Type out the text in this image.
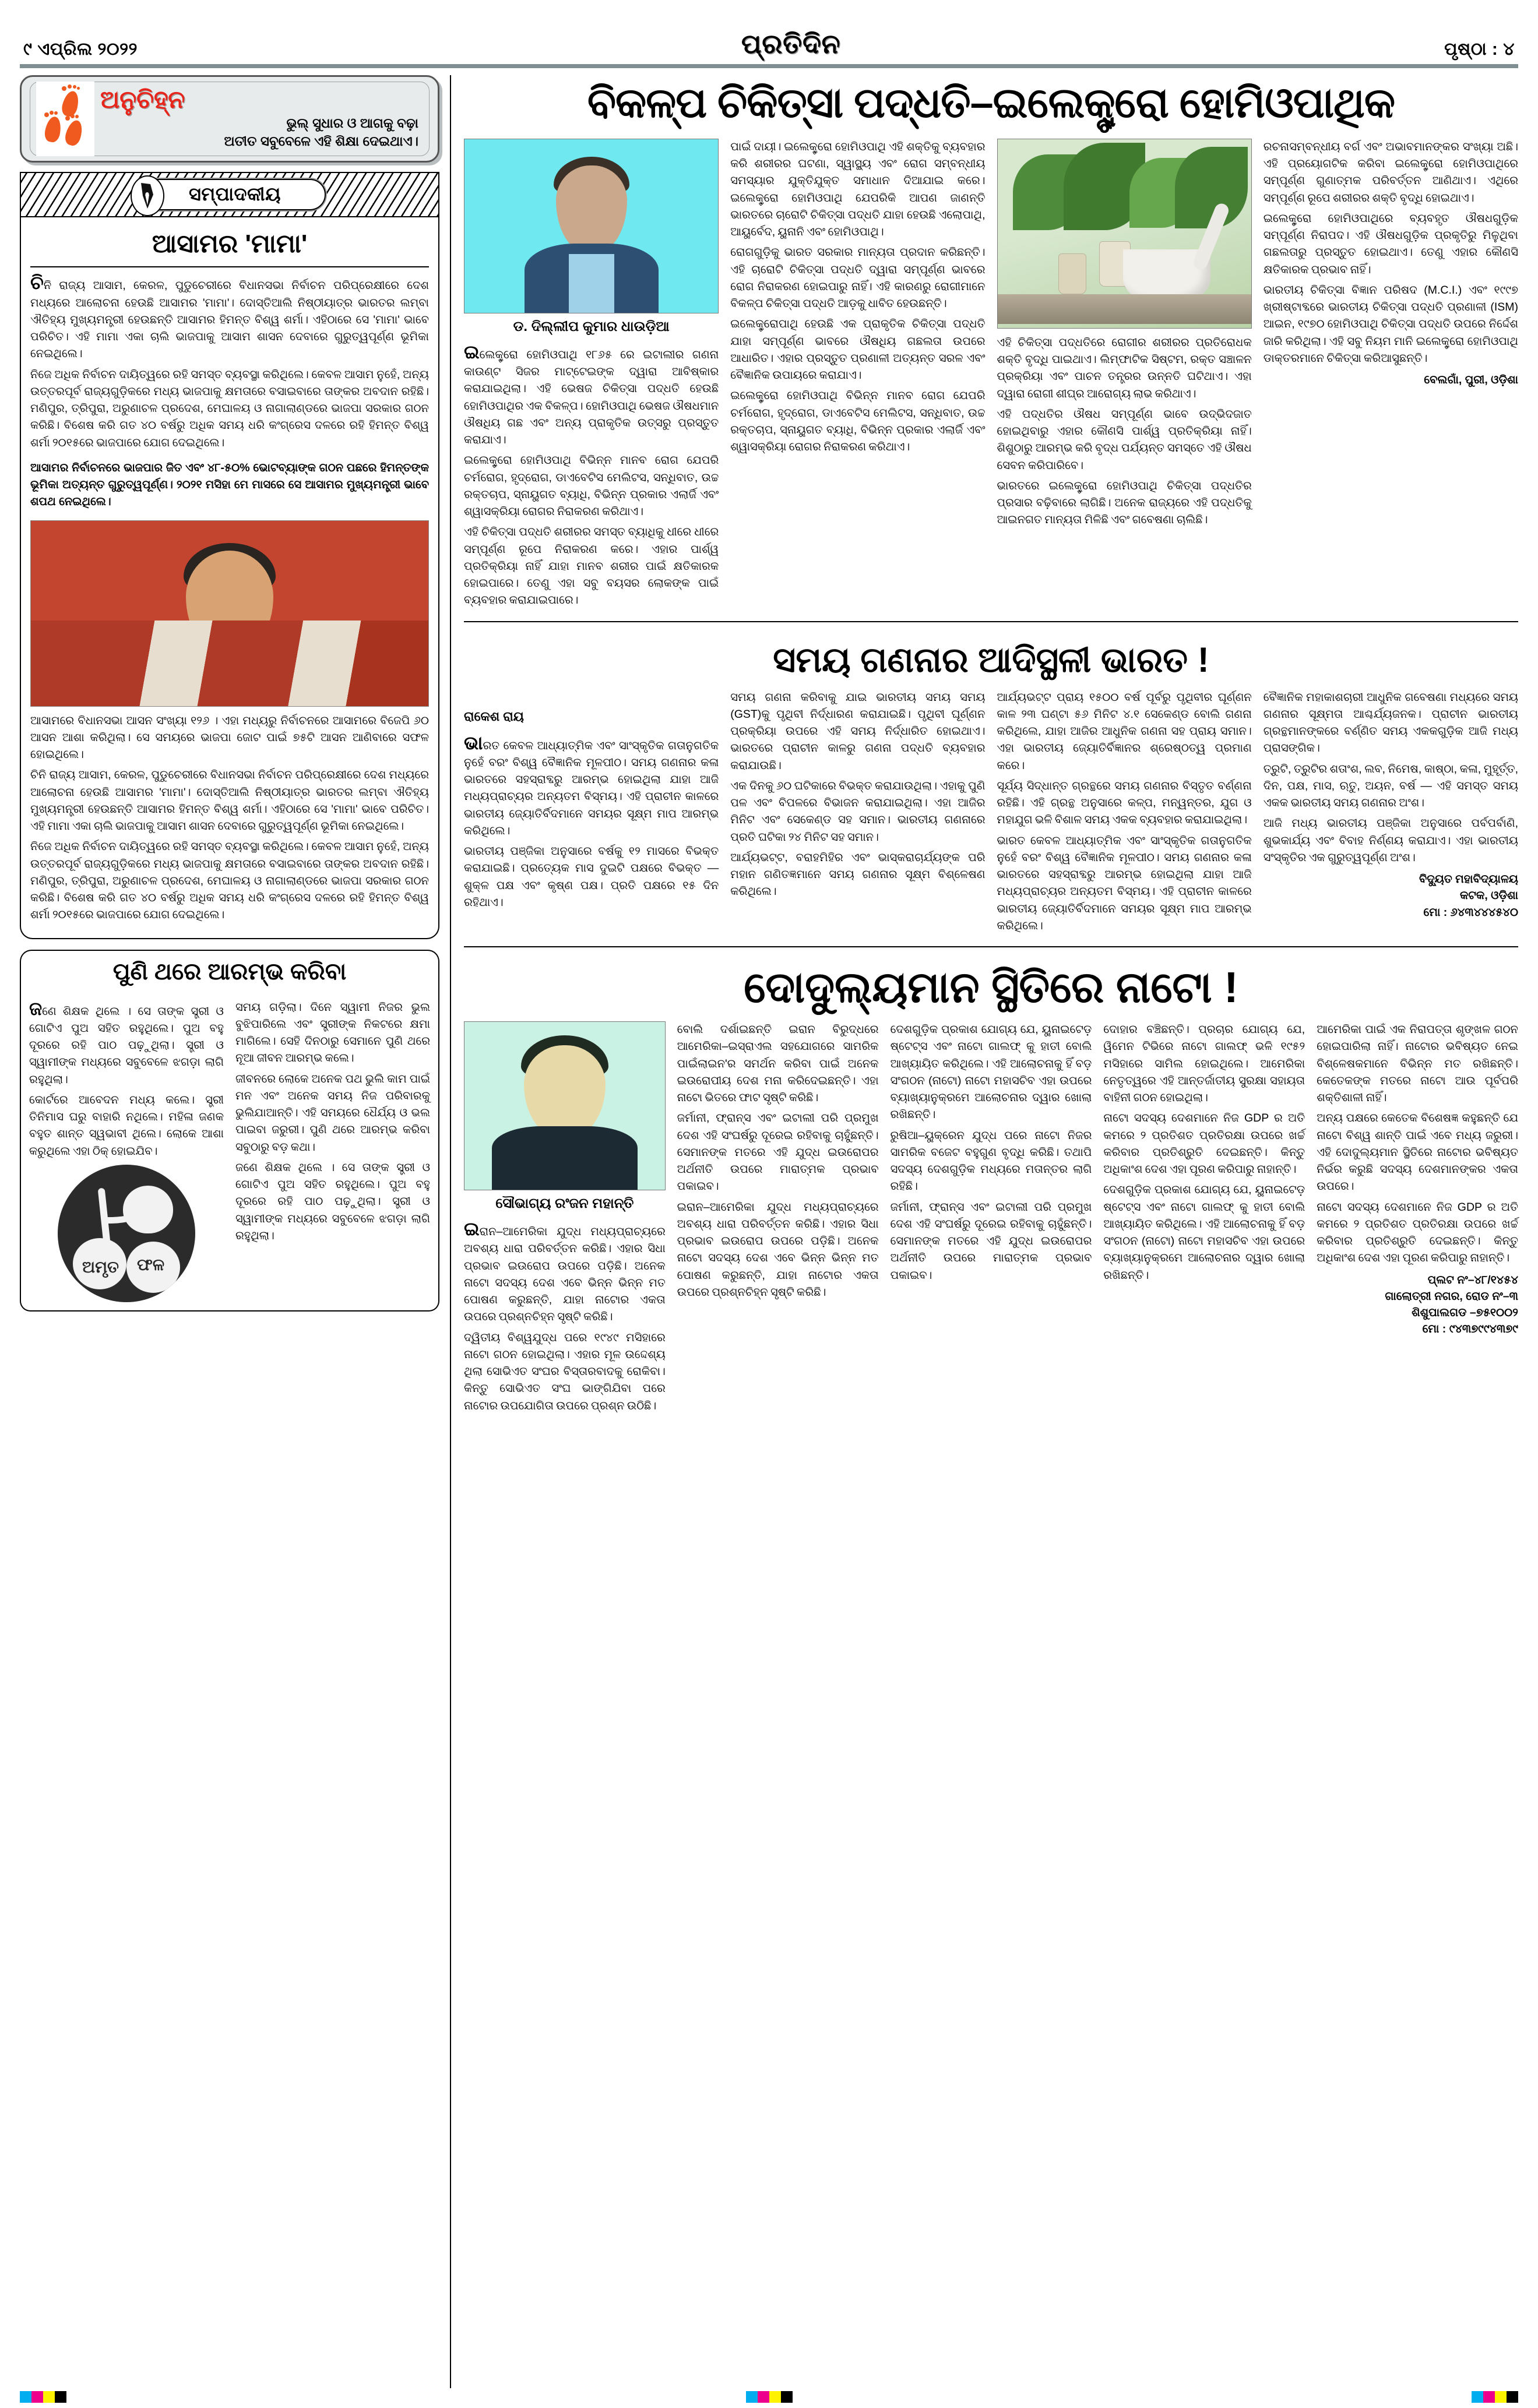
୯ ଏପ୍ରିଲ ୨୦୨୨	ପ୍ରତିଦିନ	ପୃଷ୍ଠା : ୪
ଅନୁଚିହ୍ନ
ଭୁଲ୍ ସୁଧାର ଓ ଆଗକୁ ବଢ଼ା
ଅତୀତ ସବୁବେଳେ ଏହି ଶିକ୍ଷା ଦେଇଥାଏ।
ସମ୍ପାଦକୀୟ
ଆସାମର 'ମାମା'

ଚିନି ରାଜ୍ୟ ଆସାମ, କେରଳ, ପୁଡୁଚେରୀରେ ବିଧାନସଭା ନିର୍ବାଚନ ପରିପ୍ରେକ୍ଷୀରେ ଦେଶ ମଧ୍ୟରେ ଆଲୋଚନା ହେଉଛି ଆସାମର 'ମାମା'। ଦୋସ୍ତିଆଲି ନିଷ୍ଠୀୟାତ୍ର ଭାରତର ଲମ୍ବା ଐତିହ୍ୟ ମୁଖ୍ୟମନ୍ତ୍ରୀ ହେଉଛନ୍ତି ଆସାମର ହିମନ୍ତ ବିଶ୍ୱ ଶର୍ମା। ଏହିଠାରେ ସେ 'ମାମା' ଭାବେ ପରିଚିତ। ଏହି ମାମା ଏକା ଚାଲି ଭାଜପାକୁ ଆସାମ ଶାସନ ଦେବାରେ ଗୁରୁତ୍ୱପୂର୍ଣ୍ଣ ଭୂମିକା ନେଇଥିଲେ।

ନିଜେ ଅଧିକ ନିର୍ବାଚନ ଦାୟିତ୍ୱରେ ରହି ସମସ୍ତ ବ୍ୟବସ୍ଥା କରିଥିଲେ। କେବଳ ଆସାମ ନୁହେଁ, ଅନ୍ୟ ଉତ୍ତରପୂର୍ବ ରାଜ୍ୟଗୁଡ଼ିକରେ ମଧ୍ୟ ଭାଜପାକୁ କ୍ଷମତାରେ ବସାଇବାରେ ତାଙ୍କର ଅବଦାନ ରହିଛି। ମଣିପୁର, ତ୍ରିପୁରା, ଅରୁଣାଚଳ ପ୍ରଦେଶ, ମେଘାଳୟ ଓ ନାଗାଲାଣ୍ଡରେ ଭାଜପା ସରକାର ଗଠନ କରିଛି। ବିଶେଷ କରି ଗତ ୪୦ ବର୍ଷରୁ ଅଧିକ ସମୟ ଧରି କଂଗ୍ରେସ ଦଳରେ ରହି ହିମନ୍ତ ବିଶ୍ୱ ଶର୍ମା ୨୦୧୫ରେ ଭାଜପାରେ ଯୋଗ ଦେଇଥିଲେ।

ଆସାମର ନିର୍ବାଚନରେ ଭାଜପାର ଜିତ ଏବଂ ୪୮-୫୦% ଭୋଟବ୍ୟାଙ୍କ ଗଠନ ପଛରେ ହିମନ୍ତଙ୍କ ଭୂମିକା ଅତ୍ୟନ୍ତ ଗୁରୁତ୍ୱପୂର୍ଣ୍ଣ। ୨୦୨୧ ମସିହା ମେ ମାସରେ ସେ ଆସାମର ମୁଖ୍ୟମନ୍ତ୍ରୀ ଭାବେ ଶପଥ ନେଇଥିଲେ।

ଆସାମରେ ବିଧାନସଭା ଆସନ ସଂଖ୍ୟା ୧୨୬ । ଏହା ମଧ୍ୟରୁ ନିର୍ବାଚନରେ ଆସାମରେ ବିଜେପି ୬୦ ଆସନ ଆଶା କରିଥିଲା। ସେ ସମୟରେ ଭାଜପା ଜୋଟ ପାଇଁ ୭୫ଟି ଆସନ ଆଣିବାରେ ସଫଳ ହୋଇଥିଲେ।

ଚିନି ରାଜ୍ୟ ଆସାମ, କେରଳ, ପୁଡୁଚେରୀରେ ବିଧାନସଭା ନିର୍ବାଚନ ପରିପ୍ରେକ୍ଷୀରେ ଦେଶ ମଧ୍ୟରେ ଆଲୋଚନା ହେଉଛି ଆସାମର 'ମାମା'। ଦୋସ୍ତିଆଲି ନିଷ୍ଠୀୟାତ୍ର ଭାରତର ଲମ୍ବା ଐତିହ୍ୟ ମୁଖ୍ୟମନ୍ତ୍ରୀ ହେଉଛନ୍ତି ଆସାମର ହିମନ୍ତ ବିଶ୍ୱ ଶର୍ମା। ଏହିଠାରେ ସେ 'ମାମା' ଭାବେ ପରିଚିତ। ଏହି ମାମା ଏକା ଚାଲି ଭାଜପାକୁ ଆସାମ ଶାସନ ଦେବାରେ ଗୁରୁତ୍ୱପୂର୍ଣ୍ଣ ଭୂମିକା ନେଇଥିଲେ।

ନିଜେ ଅଧିକ ନିର୍ବାଚନ ଦାୟିତ୍ୱରେ ରହି ସମସ୍ତ ବ୍ୟବସ୍ଥା କରିଥିଲେ। କେବଳ ଆସାମ ନୁହେଁ, ଅନ୍ୟ ଉତ୍ତରପୂର୍ବ ରାଜ୍ୟଗୁଡ଼ିକରେ ମଧ୍ୟ ଭାଜପାକୁ କ୍ଷମତାରେ ବସାଇବାରେ ତାଙ୍କର ଅବଦାନ ରହିଛି। ମଣିପୁର, ତ୍ରିପୁରା, ଅରୁଣାଚଳ ପ୍ରଦେଶ, ମେଘାଳୟ ଓ ନାଗାଲାଣ୍ଡରେ ଭାଜପା ସରକାର ଗଠନ କରିଛି। ବିଶେଷ କରି ଗତ ୪୦ ବର୍ଷରୁ ଅଧିକ ସମୟ ଧରି କଂଗ୍ରେସ ଦଳରେ ରହି ହିମନ୍ତ ବିଶ୍ୱ ଶର୍ମା ୨୦୧୫ରେ ଭାଜପାରେ ଯୋଗ ଦେଇଥିଲେ।

ପୁଣି ଥରେ ଆରମ୍ଭ କରିବା

ଜଣେ ଶିକ୍ଷକ ଥିଲେ । ସେ ତାଙ୍କ ସ୍ତ୍ରୀ ଓ ଗୋଟିଏ ପୁଅ ସହିତ ରହୁଥିଲେ। ପୁଅ ବହୁ ଦୂରରେ ରହି ପାଠ ପଢ଼ୁଥିଲା। ସ୍ତ୍ରୀ ଓ ସ୍ୱାମୀଙ୍କ ମଧ୍ୟରେ ସବୁବେଳେ ଝଗଡ଼ା ଲାଗି ରହୁଥିଲା।

କୋର୍ଟରେ ଆବେଦନ ମଧ୍ୟ କଲେ। ସ୍ତ୍ରୀ ତିନିମାସ ଘରୁ ବାହାରି ନଥିଲେ। ମହିଳା ଜଣକ ବହୁତ ଶାନ୍ତ ସ୍ୱଭାବୀ ଥିଲେ। ଲୋକେ ଆଶା କରୁଥିଲେ ଏହା ଠିକ୍ ହୋଇଯିବ।

ଅମୃତ ଫଳ

ସମୟ ଗଡ଼ିଲା। ଦିନେ ସ୍ୱାମୀ ନିଜର ଭୁଲ ବୁଝିପାରିଲେ ଏବଂ ସ୍ତ୍ରୀଙ୍କ ନିକଟରେ କ୍ଷମା ମାଗିଲେ। ସେହି ଦିନଠାରୁ ସେମାନେ ପୁଣି ଥରେ ନୂଆ ଜୀବନ ଆରମ୍ଭ କଲେ।

ଜୀବନରେ ଲୋକେ ଅନେକ ପଥ ଭୁଲି କାମ ପାଇଁ ମନ ଏବଂ ଅନେକ ସମୟ ନିଜ ପରିବାରକୁ ଭୁଲିଯାଆନ୍ତି। ଏହି ସମୟରେ ଧୈର୍ଯ୍ୟ ଓ ଭଲ ପାଇବା ଜରୁରୀ। ପୁଣି ଥରେ ଆରମ୍ଭ କରିବା ସବୁଠାରୁ ବଡ଼ କଥା।

ଜଣେ ଶିକ୍ଷକ ଥିଲେ । ସେ ତାଙ୍କ ସ୍ତ୍ରୀ ଓ ଗୋଟିଏ ପୁଅ ସହିତ ରହୁଥିଲେ। ପୁଅ ବହୁ ଦୂରରେ ରହି ପାଠ ପଢ଼ୁଥିଲା। ସ୍ତ୍ରୀ ଓ ସ୍ୱାମୀଙ୍କ ମଧ୍ୟରେ ସବୁବେଳେ ଝଗଡ଼ା ଲାଗି ରହୁଥିଲା।

ବିକଳ୍ପ ଚିକିତ୍ସା ପଦ୍ଧତି–ଇଲେକ୍ଟ୍ରୋ ହୋମିଓପାଥିକ
ଡ. ଦିଲ୍ଲୀପ କୁମାର ଧାଉଡ଼ିଆ

ଇଲେକ୍ଟ୍ରୋ ହୋମିଓପାଥି ୧୮୬୫ ରେ ଇଟାଲୀର ଗଣନା କାଉଣ୍ଟ ସିଜର ମାଟ୍ଟେଇଙ୍କ ଦ୍ୱାରା ଆବିଷ୍କାର କରାଯାଇଥିଲା। ଏହି ଭେଷଜ ଚିକିତ୍ସା ପଦ୍ଧତି ହେଉଛି ହୋମିଓପାଥିର ଏକ ବିକଳ୍ପ। ହୋମିଓପାଥି ଭେଷଜ ଔଷଧମାନ ଔଷଧିୟ ଗଛ ଏବଂ ଅନ୍ୟ ପ୍ରାକୃତିକ ଉତ୍ସରୁ ପ୍ରସ୍ତୁତ କରାଯାଏ।

ଇଲେକ୍ଟ୍ରୋ ହୋମିଓପାଥି ବିଭିନ୍ନ ମାନବ ରୋଗ ଯେପରି ଚର୍ମରୋଗ, ହୃଦ୍‌ରୋଗ, ଡାଏବେଟିସ ମେଲିଟସ, ସନ୍ଧିବାତ, ଉଚ୍ଚ ରକ୍ତଚାପ, ସ୍ନାୟୁଗତ ବ୍ୟାଧି, ବିଭିନ୍ନ ପ୍ରକାର ଏଲାର୍ଜି ଏବଂ ଶ୍ୱାସକ୍ରିୟା ରୋଗର ନିରାକରଣ କରିଥାଏ।

ଏହି ଚିକିତ୍ସା ପଦ୍ଧତି ଶରୀରର ସମସ୍ତ ବ୍ୟାଧିକୁ ଧୀରେ ଧୀରେ ସମ୍ପୂର୍ଣ୍ଣ ରୂପେ ନିରାକରଣ କରେ। ଏହାର ପାର୍ଶ୍ୱ ପ୍ରତିକ୍ରିୟା ନାହିଁ ଯାହା ମାନବ ଶରୀର ପାଇଁ କ୍ଷତିକାରକ ହୋଇପାରେ। ତେଣୁ ଏହା ସବୁ ବୟସର ଲୋକଙ୍କ ପାଇଁ ବ୍ୟବହାର କରାଯାଇପାରେ।

ପାଇଁ ଦାୟୀ। ଇଲେକ୍ଟ୍ରୋ ହୋମିଓପାଥି ଏହି ଶକ୍ତିକୁ ବ୍ୟବହାର କରି ଶରୀରର ଘଟଣା, ସ୍ୱାସ୍ଥ୍ୟ ଏବଂ ରୋଗ ସମ୍ବନ୍ଧୀୟ ସମସ୍ୟାର ଯୁକ୍ତିଯୁକ୍ତ ସମାଧାନ ଦିଆଯାଇ କରେ। ଇଲେକ୍ଟ୍ରୋ ହୋମିଓପାଥି ଯେପରିକି ଆପଣ ଜାଣନ୍ତି ଭାରତରେ ଚାରୋଟି ଚିକିତ୍ସା ପଦ୍ଧତି ଯାହା ହେଉଛି ଏଲୋପାଥି, ଆୟୁର୍ବେଦ, ୟୁନାନି ଏବଂ ହୋମିଓପାଥି।

ରୋଗଗୁଡ଼ିକୁ ଭାରତ ସରକାର ମାନ୍ୟତା ପ୍ରଦାନ କରିଛନ୍ତି। ଏହି ଚାରୋଟି ଚିକିତ୍ସା ପଦ୍ଧତି ଦ୍ୱାରା ସମ୍ପୂର୍ଣ୍ଣ ଭାବରେ ରୋଗ ନିରାକରଣ ହୋଇପାରୁ ନାହିଁ। ଏହି କାରଣରୁ ରୋଗୀମାନେ ବିକଳ୍ପ ଚିକିତ୍ସା ପଦ୍ଧତି ଆଡ଼କୁ ଧାବିତ ହେଉଛନ୍ତି।

ଇଲେକ୍ଟ୍ରୋପାଥି ହେଉଛି ଏକ ପ୍ରାକୃତିକ ଚିକିତ୍ସା ପଦ୍ଧତି ଯାହା ସମ୍ପୂର୍ଣ୍ଣ ଭାବରେ ଔଷଧିୟ ଗଛଲତା ଉପରେ ଆଧାରିତ। ଏହାର ପ୍ରସ୍ତୁତ ପ୍ରଣାଳୀ ଅତ୍ୟନ୍ତ ସରଳ ଏବଂ ବୈଜ୍ଞାନିକ ଉପାୟରେ କରାଯାଏ।

ଇଲେକ୍ଟ୍ରୋ ହୋମିଓପାଥି ବିଭିନ୍ନ ମାନବ ରୋଗ ଯେପରି ଚର୍ମରୋଗ, ହୃଦ୍‌ରୋଗ, ଡାଏବେଟିସ ମେଲିଟସ, ସନ୍ଧିବାତ, ଉଚ୍ଚ ରକ୍ତଚାପ, ସ୍ନାୟୁଗତ ବ୍ୟାଧି, ବିଭିନ୍ନ ପ୍ରକାର ଏଲାର୍ଜି ଏବଂ ଶ୍ୱାସକ୍ରିୟା ରୋଗର ନିରାକରଣ କରିଥାଏ।

ଏହି ଚିକିତ୍ସା ପଦ୍ଧତିରେ ରୋଗୀର ଶରୀରର ପ୍ରତିରୋଧକ ଶକ୍ତି ବୃଦ୍ଧି ପାଇଥାଏ। ଲିମ୍ଫାଟିକ ସିଷ୍ଟମ, ରକ୍ତ ସଞ୍ଚାଳନ ପ୍ରକ୍ରିୟା ଏବଂ ପାଚନ ତନ୍ତ୍ରର ଉନ୍ନତି ଘଟିଥାଏ। ଏହା ଦ୍ୱାରା ରୋଗୀ ଶୀଘ୍ର ଆରୋଗ୍ୟ ଲାଭ କରିଥାଏ।

ଏହି ପଦ୍ଧତିର ଔଷଧ ସମ୍ପୂର୍ଣ୍ଣ ଭାବେ ଉଦ୍ଭିଦଜାତ ହୋଇଥିବାରୁ ଏହାର କୌଣସି ପାର୍ଶ୍ୱ ପ୍ରତିକ୍ରିୟା ନାହିଁ। ଶିଶୁଠାରୁ ଆରମ୍ଭ କରି ବୃଦ୍ଧ ପର୍ଯ୍ୟନ୍ତ ସମସ୍ତେ ଏହି ଔଷଧ ସେବନ କରିପାରିବେ।

ଭାରତରେ ଇଲେକ୍ଟ୍ରୋ ହୋମିଓପାଥି ଚିକିତ୍ସା ପଦ୍ଧତିର ପ୍ରସାର ବଢ଼ିବାରେ ଲାଗିଛି। ଅନେକ ରାଜ୍ୟରେ ଏହି ପଦ୍ଧତିକୁ ଆଇନଗତ ମାନ୍ୟତା ମିଳିଛି ଏବଂ ଗବେଷଣା ଚାଲିଛି।

ରଚନାସମ୍ବନ୍ଧୀୟ ବର୍ଗ ଏବଂ ଅଭାବମାନଙ୍କର ସଂଖ୍ୟା ଅଛି। ଏହି ପ୍ରୟୋଗଟିକ କରିବା ଇଲେକ୍ଟ୍ରୋ ହୋମିଓପାଥିରେ ସମ୍ପୂର୍ଣ୍ଣ ଗୁଣାତ୍ମକ ପରିବର୍ତ୍ତନ ଆଣିଥାଏ। ଏଥିରେ ସମ୍ପୂର୍ଣ୍ଣ ରୂପେ ଶରୀରର ଶକ୍ତି ବୃଦ୍ଧି ହୋଇଥାଏ।

ଇଲେକ୍ଟ୍ରୋ ହୋମିଓପାଥିରେ ବ୍ୟବହୃତ ଔଷଧଗୁଡ଼ିକ ସମ୍ପୂର୍ଣ୍ଣ ନିରାପଦ। ଏହି ଔଷଧଗୁଡ଼ିକ ପ୍ରକୃତିରୁ ମିଳୁଥିବା ଗଛଲତାରୁ ପ୍ରସ୍ତୁତ ହୋଇଥାଏ। ତେଣୁ ଏହାର କୌଣସି କ୍ଷତିକାରକ ପ୍ରଭାବ ନାହିଁ।

ଭାରତୀୟ ଚିକିତ୍ସା ବିଜ୍ଞାନ ପରିଷଦ (M.C.I.) ଏବଂ ୧୯୯୭ ଖ୍ରୀଷ୍ଟାବ୍ଦରେ ଭାରତୀୟ ଚିକିତ୍ସା ପଦ୍ଧତି ପ୍ରଣାଳୀ (ISM) ଆଇନ, ୧୯୭୦ ହୋମିଓପାଥି ଚିକିତ୍ସା ପଦ୍ଧତି ଉପରେ ନିର୍ଦ୍ଦେଶ ଜାରି କରିଥିଲା। ଏହି ସବୁ ନିୟମ ମାନି ଇଲେକ୍ଟ୍ରୋ ହୋମିଓପାଥି ଡାକ୍ତରମାନେ ଚିକିତ୍ସା କରିଆସୁଛନ୍ତି।

ବେଲଗାଁ, ପୁରୀ, ଓଡ଼ିଶା
ସମୟ ଗଣନାର ଆଦିସ୍ଥଳୀ ଭାରତ !
ରାକେଶ ରାୟ

ଭାରତ କେବଳ ଆଧ୍ୟାତ୍ମିକ ଏବଂ ସାଂସ୍କୃତିକ ଗତାନୁଗତିକ ନୁହେଁ ବରଂ ବିଶ୍ୱ ବୈଜ୍ଞାନିକ ମୂଳପୀଠ। ସମୟ ଗଣନାର କଳା ଭାରତରେ ସହସ୍ରାବ୍ଦରୁ ଆରମ୍ଭ ହୋଇଥିଲା ଯାହା ଆଜି ମଧ୍ୟପ୍ରାଚ୍ୟର ଅନ୍ୟତମ ବିସ୍ମୟ। ଏହି ପ୍ରାଚୀନ କାଳରେ ଭାରତୀୟ ଜ୍ୟୋତିର୍ବିଦମାନେ ସମୟର ସୂକ୍ଷ୍ମ ମାପ ଆରମ୍ଭ କରିଥିଲେ।

ଭାରତୀୟ ପଞ୍ଜିକା ଅନୁସାରେ ବର୍ଷକୁ ୧୨ ମାସରେ ବିଭକ୍ତ କରାଯାଇଛି। ପ୍ରତ୍ୟେକ ମାସ ଦୁଇଟି ପକ୍ଷରେ ବିଭକ୍ତ — ଶୁକ୍ଳ ପକ୍ଷ ଏବଂ କୃଷ୍ଣ ପକ୍ଷ। ପ୍ରତି ପକ୍ଷରେ ୧୫ ଦିନ ରହିଥାଏ।

ସମୟ ଗଣନା କରିବାକୁ ଯାଇ ଭାରତୀୟ ସମୟ ସମୟ (GST)କୁ ପୃଥିବୀ ନିର୍ଦ୍ଧାରଣ କରାଯାଇଛି। ପୃଥିବୀ ଘୂର୍ଣ୍ଣନ ପ୍ରକ୍ରିୟା ଉପରେ ଏହି ସମୟ ନିର୍ଦ୍ଧାରିତ ହୋଇଥାଏ। ଭାରତରେ ପ୍ରାଚୀନ କାଳରୁ ଗଣନା ପଦ୍ଧତି ବ୍ୟବହାର କରାଯାଉଛି।

ଏକ ଦିନକୁ ୬୦ ଘଟିକାରେ ବିଭକ୍ତ କରାଯାଉଥିଲା। ଏହାକୁ ପୁଣି ପଳ ଏବଂ ବିପଳରେ ବିଭାଜନ କରାଯାଇଥିଲା। ଏହା ଆଜିର ମିନିଟ ଏବଂ ସେକେଣ୍ଡ ସହ ସମାନ। ଭାରତୀୟ ଗଣନାରେ ପ୍ରତି ଘଟିକା ୨୪ ମିନିଟ ସହ ସମାନ।

ଆର୍ଯ୍ୟଭଟ୍ଟ, ବରାହମିହିର ଏବଂ ଭାସ୍କରାଚାର୍ଯ୍ୟଙ୍କ ପରି ମହାନ ଗଣିତଜ୍ଞମାନେ ସମୟ ଗଣନାର ସୂକ୍ଷ୍ମ ବିଶ୍ଳେଷଣ କରିଥିଲେ।

ଆର୍ଯ୍ୟଭଟ୍ଟ ପ୍ରାୟ ୧୫୦୦ ବର୍ଷ ପୂର୍ବରୁ ପୃଥିବୀର ଘୂର୍ଣ୍ଣନ କାଳ ୨୩ ଘଣ୍ଟା ୫୬ ମିନିଟ ୪.୧ ସେକେଣ୍ଡ ବୋଲି ଗଣନା କରିଥିଲେ, ଯାହା ଆଜିର ଆଧୁନିକ ଗଣନା ସହ ପ୍ରାୟ ସମାନ। ଏହା ଭାରତୀୟ ଜ୍ୟୋତିର୍ବିଜ୍ଞାନର ଶ୍ରେଷ୍ଠତ୍ୱ ପ୍ରମାଣ କରେ।

ସୂର୍ଯ୍ୟ ସିଦ୍ଧାନ୍ତ ଗ୍ରନ୍ଥରେ ସମୟ ଗଣନାର ବିସ୍ତୃତ ବର୍ଣ୍ଣନା ରହିଛି। ଏହି ଗ୍ରନ୍ଥ ଅନୁସାରେ କଳ୍ପ, ମନ୍ୱନ୍ତର, ଯୁଗ ଓ ମହାଯୁଗ ଭଳି ବିଶାଳ ସମୟ ଏକକ ବ୍ୟବହାର କରାଯାଇଥିଲା।

ଭାରତ କେବଳ ଆଧ୍ୟାତ୍ମିକ ଏବଂ ସାଂସ୍କୃତିକ ଗତାନୁଗତିକ ନୁହେଁ ବରଂ ବିଶ୍ୱ ବୈଜ୍ଞାନିକ ମୂଳପୀଠ। ସମୟ ଗଣନାର କଳା ଭାରତରେ ସହସ୍ରାବ୍ଦରୁ ଆରମ୍ଭ ହୋଇଥିଲା ଯାହା ଆଜି ମଧ୍ୟପ୍ରାଚ୍ୟର ଅନ୍ୟତମ ବିସ୍ମୟ। ଏହି ପ୍ରାଚୀନ କାଳରେ ଭାରତୀୟ ଜ୍ୟୋତିର୍ବିଦମାନେ ସମୟର ସୂକ୍ଷ୍ମ ମାପ ଆରମ୍ଭ କରିଥିଲେ।

ବୈଜ୍ଞାନିକ ମହାକାଶଚାରୀ ଆଧୁନିକ ଗବେଷଣା ମଧ୍ୟରେ ସମୟ ଗଣନାର ସୂକ୍ଷ୍ମତା ଆଶ୍ଚର୍ଯ୍ୟଜନକ। ପ୍ରାଚୀନ ଭାରତୀୟ ଗ୍ରନ୍ଥମାନଙ୍କରେ ବର୍ଣ୍ଣିତ ସମୟ ଏକକଗୁଡ଼ିକ ଆଜି ମଧ୍ୟ ପ୍ରାସଙ୍ଗିକ।

ତ୍ରୁଟି, ତ୍ରୁଟିର ଶତାଂଶ, ଲବ, ନିମେଷ, କାଷ୍ଠା, କଳା, ମୁହୂର୍ତ୍ତ, ଦିନ, ପକ୍ଷ, ମାସ, ଋତୁ, ଅୟନ, ବର୍ଷ — ଏହି ସମସ୍ତ ସମୟ ଏକକ ଭାରତୀୟ ସମୟ ଗଣନାର ଅଂଶ।

ଆଜି ମଧ୍ୟ ଭାରତୀୟ ପଞ୍ଜିକା ଅନୁସାରେ ପର୍ବପର୍ବାଣି, ଶୁଭକାର୍ଯ୍ୟ ଏବଂ ବିବାହ ନିର୍ଣ୍ଣୟ କରାଯାଏ। ଏହା ଭାରତୀୟ ସଂସ୍କୃତିର ଏକ ଗୁରୁତ୍ୱପୂର୍ଣ୍ଣ ଅଂଶ।

ବିଦ୍ୟୁତ ମହାବିଦ୍ୟାଳୟ
କଟକ, ଓଡ଼ିଶା
ମୋ : ୬୪୩୪୪୪୫୪୦
ଦୋଦୁଲ୍ୟମାନ ସ୍ଥିତିରେ ନାଟୋ !
ସୌଭାଗ୍ୟ ରଂଜନ ମହାନ୍ତି

ଇରାନ–ଆମେରିକା ଯୁଦ୍ଧ ମଧ୍ୟପ୍ରାଚ୍ୟରେ ଅବଶ୍ୟ ଧାରା ପରିବର୍ତ୍ତନ କରିଛି। ଏହାର ସିଧା ପ୍ରଭାବ ଇଉରୋପ ଉପରେ ପଡ଼ିଛି। ଅନେକ ନାଟୋ ସଦସ୍ୟ ଦେଶ ଏବେ ଭିନ୍ନ ଭିନ୍ନ ମତ ପୋଷଣ କରୁଛନ୍ତି, ଯାହା ନାଟୋର ଏକତା ଉପରେ ପ୍ରଶ୍ନଚିହ୍ନ ସୃଷ୍ଟି କରିଛି।

ଦ୍ୱିତୀୟ ବିଶ୍ୱଯୁଦ୍ଧ ପରେ ୧୯୪୯ ମସିହାରେ ନାଟୋ ଗଠନ ହୋଇଥିଲା। ଏହାର ମୂଳ ଉଦ୍ଦେଶ୍ୟ ଥିଲା ସୋଭିଏତ ସଂଘର ବିସ୍ତାରବାଦକୁ ରୋକିବା। କିନ୍ତୁ ସୋଭିଏତ ସଂଘ ଭାଙ୍ଗିଯିବା ପରେ ନାଟୋର ଉପଯୋଗିତା ଉପରେ ପ୍ରଶ୍ନ ଉଠିଛି।

ବୋଲି ଦର୍ଶାଇଛନ୍ତି ଇରାନ ବିରୁଦ୍ଧରେ ଆମେରିକା–ଇସ୍ରାଏଲ ସହଯୋଗରେ ସାମରିକ ପାଇଁଲାଇନ'ର ସମର୍ଥନ କରିବା ପାଇଁ ଅନେକ ଇଉରୋପୀୟ ଦେଶ ମନା କରିଦେଇଛନ୍ତି। ଏହା ନାଟୋ ଭିତରେ ଫାଟ ସୃଷ୍ଟି କରିଛି।

ଜର୍ମାନୀ, ଫ୍ରାନ୍ସ ଏବଂ ଇଟାଲୀ ପରି ପ୍ରମୁଖ ଦେଶ ଏହି ସଂଘର୍ଷରୁ ଦୂରେଇ ରହିବାକୁ ଚାହୁଁଛନ୍ତି। ସେମାନଙ୍କ ମତରେ ଏହି ଯୁଦ୍ଧ ଇଉରୋପର ଅର୍ଥନୀତି ଉପରେ ମାରାତ୍ମକ ପ୍ରଭାବ ପକାଇବ।

ଇରାନ–ଆମେରିକା ଯୁଦ୍ଧ ମଧ୍ୟପ୍ରାଚ୍ୟରେ ଅବଶ୍ୟ ଧାରା ପରିବର୍ତ୍ତନ କରିଛି। ଏହାର ସିଧା ପ୍ରଭାବ ଇଉରୋପ ଉପରେ ପଡ଼ିଛି। ଅନେକ ନାଟୋ ସଦସ୍ୟ ଦେଶ ଏବେ ଭିନ୍ନ ଭିନ୍ନ ମତ ପୋଷଣ କରୁଛନ୍ତି, ଯାହା ନାଟୋର ଏକତା ଉପରେ ପ୍ରଶ୍ନଚିହ୍ନ ସୃଷ୍ଟି କରିଛି।

ଦେଶଗୁଡ଼ିକ ପ୍ରକାଶ ଯୋଗ୍ୟ ଯେ, ୟୁନାଇଟେଡ଼ ଷ୍ଟେଟ୍ସ ଏବଂ ନାଟୋ ଗାଲଫ୍ କୁ ହାତୀ ବୋଲି ଆଖ୍ୟାୟିତ କରିଥିଲେ। ଏହି ଆଲୋଚନାକୁ ହିଁ ବଡ଼ ସଂଗଠନ (ନାଟୋ) ନାଟୋ ମହାସଚିବ ଏହା ଉପରେ ବ୍ୟାଖ୍ୟାନୁକ୍ରମେ ଆଲୋଚନାର ଦ୍ୱାର ଖୋଲା ରଖିଛନ୍ତି।

ରୁଷିଆ–ୟୁକ୍ରେନ ଯୁଦ୍ଧ ପରେ ନାଟୋ ନିଜର ସାମରିକ ବଜେଟ ବହୁଗୁଣ ବୃଦ୍ଧି କରିଛି। ତଥାପି ସଦସ୍ୟ ଦେଶଗୁଡ଼ିକ ମଧ୍ୟରେ ମତାନ୍ତର ଲାଗି ରହିଛି।

ଜର୍ମାନୀ, ଫ୍ରାନ୍ସ ଏବଂ ଇଟାଲୀ ପରି ପ୍ରମୁଖ ଦେଶ ଏହି ସଂଘର୍ଷରୁ ଦୂରେଇ ରହିବାକୁ ଚାହୁଁଛନ୍ତି। ସେମାନଙ୍କ ମତରେ ଏହି ଯୁଦ୍ଧ ଇଉରୋପର ଅର୍ଥନୀତି ଉପରେ ମାରାତ୍ମକ ପ୍ରଭାବ ପକାଇବ।

ଦୋହାର ବଞ୍ଚିଛନ୍ତି। ପ୍ରଚାର ଯୋଗ୍ୟ ଯେ, ୱିମେନ ଟିଭିରେ ନାଟୋ ଗାଲଫ୍ ଭଳି ୧୯୫୨ ମସିହାରେ ସାମିଲ ହୋଇଥିଲେ। ଆମେରିକା ନେତୃତ୍ୱରେ ଏହି ଆନ୍ତର୍ଜାତୀୟ ସୁରକ୍ଷା ସହାୟତା ବାହିନୀ ଗଠନ ହୋଇଥିଲା।

ନାଟୋ ସଦସ୍ୟ ଦେଶମାନେ ନିଜ GDP ର ଅତି କମରେ ୨ ପ୍ରତିଶତ ପ୍ରତିରକ୍ଷା ଉପରେ ଖର୍ଚ୍ଚ କରିବାର ପ୍ରତିଶ୍ରୁତି ଦେଇଛନ୍ତି। କିନ୍ତୁ ଅଧିକାଂଶ ଦେଶ ଏହା ପୂରଣ କରିପାରୁ ନାହାନ୍ତି।

ଦେଶଗୁଡ଼ିକ ପ୍ରକାଶ ଯୋଗ୍ୟ ଯେ, ୟୁନାଇଟେଡ଼ ଷ୍ଟେଟ୍ସ ଏବଂ ନାଟୋ ଗାଲଫ୍ କୁ ହାତୀ ବୋଲି ଆଖ୍ୟାୟିତ କରିଥିଲେ। ଏହି ଆଲୋଚନାକୁ ହିଁ ବଡ଼ ସଂଗଠନ (ନାଟୋ) ନାଟୋ ମହାସଚିବ ଏହା ଉପରେ ବ୍ୟାଖ୍ୟାନୁକ୍ରମେ ଆଲୋଚନାର ଦ୍ୱାର ଖୋଲା ରଖିଛନ୍ତି।

ଆମେରିକା ପାଇଁ ଏକ ନିରାପତ୍ତା ଶୃଙ୍ଖଳ ଗଠନ ହୋଇପାରିଲା ନାହିଁ। ନାଟୋର ଭବିଷ୍ୟତ ନେଇ ବିଶ୍ଳେଷକମାନେ ବିଭିନ୍ନ ମତ ରଖିଛନ୍ତି। କେତେକଙ୍କ ମତରେ ନାଟୋ ଆଉ ପୂର୍ବପରି ଶକ୍ତିଶାଳୀ ନାହିଁ।

ଅନ୍ୟ ପକ୍ଷରେ କେତେକ ବିଶେଷଜ୍ଞ କହୁଛନ୍ତି ଯେ ନାଟୋ ବିଶ୍ୱ ଶାନ୍ତି ପାଇଁ ଏବେ ମଧ୍ୟ ଜରୁରୀ। ଏହି ଦୋଦୁଲ୍ୟମାନ ସ୍ଥିତିରେ ନାଟୋର ଭବିଷ୍ୟତ ନିର୍ଭର କରୁଛି ସଦସ୍ୟ ଦେଶମାନଙ୍କର ଏକତା ଉପରେ।

ନାଟୋ ସଦସ୍ୟ ଦେଶମାନେ ନିଜ GDP ର ଅତି କମରେ ୨ ପ୍ରତିଶତ ପ୍ରତିରକ୍ଷା ଉପରେ ଖର୍ଚ୍ଚ କରିବାର ପ୍ରତିଶ୍ରୁତି ଦେଇଛନ୍ତି। କିନ୍ତୁ ଅଧିକାଂଶ ଦେଶ ଏହା ପୂରଣ କରିପାରୁ ନାହାନ୍ତି।

ପ୍ଲଟ ନଂ–୪୮/୧୪୫୪
ଗାଲୋତ୍ରୀ ନଗର, ରୋଡ ନଂ–୩
ଶିଶୁପାଲଗଡ –୭୫୧୦୦୨
ମୋ : ୯୪୩୭୯୯୪୩୭୯
